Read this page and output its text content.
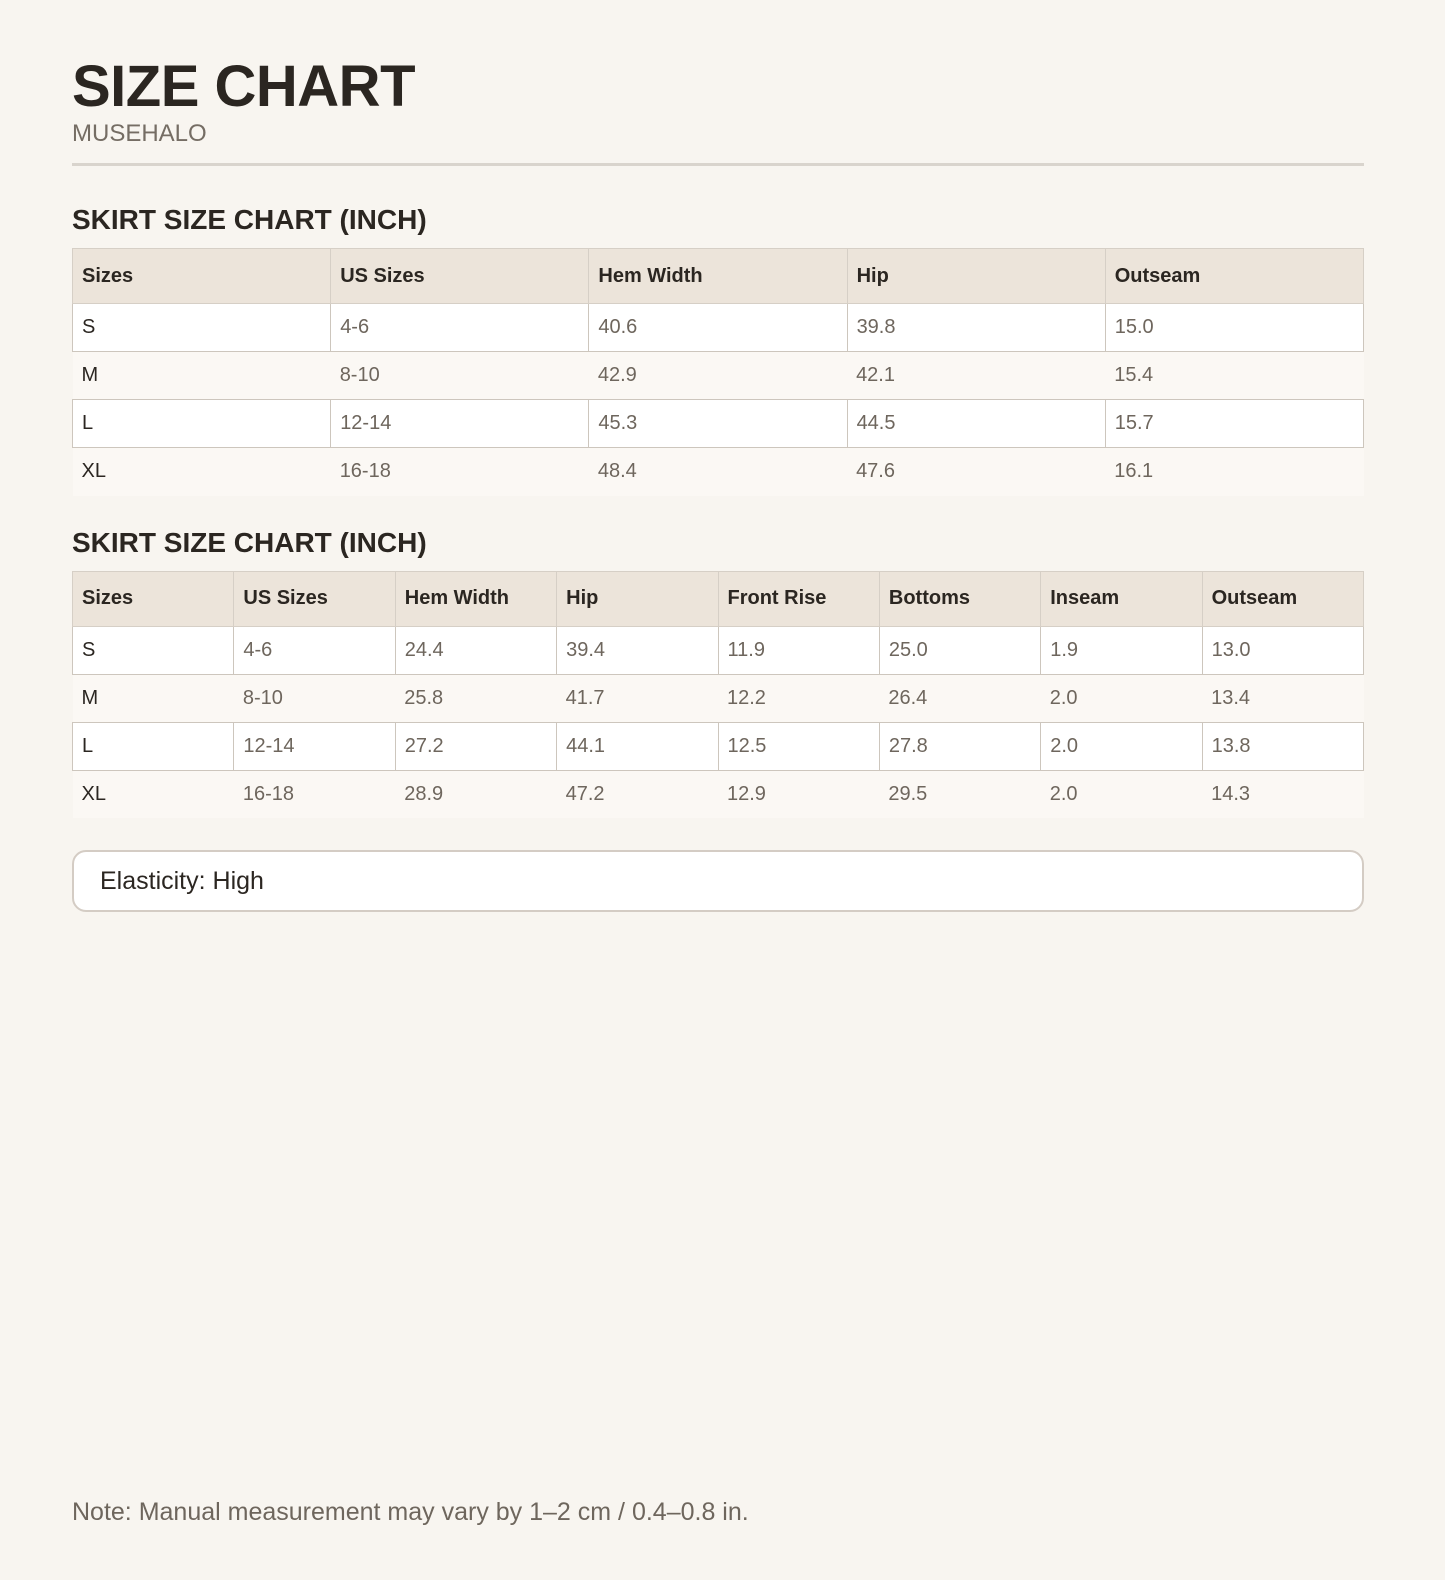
SIZE CHART
MUSEHALO
SKIRT SIZE CHART (INCH)
Sizes	US Sizes	Hem Width	Hip	Outseam
S	4-6	40.6	39.8	15.0
M	8-10	42.9	42.1	15.4
L	12-14	45.3	44.5	15.7
XL	16-18	48.4	47.6	16.1
SKIRT SIZE CHART (INCH)
Sizes	US Sizes	Hem Width	Hip	Front Rise	Bottoms	Inseam	Outseam
S	4-6	24.4	39.4	11.9	25.0	1.9	13.0
M	8-10	25.8	41.7	12.2	26.4	2.0	13.4
L	12-14	27.2	44.1	12.5	27.8	2.0	13.8
XL	16-18	28.9	47.2	12.9	29.5	2.0	14.3
Elasticity: High
Note: Manual measurement may vary by 1–2 cm / 0.4–0.8 in.
